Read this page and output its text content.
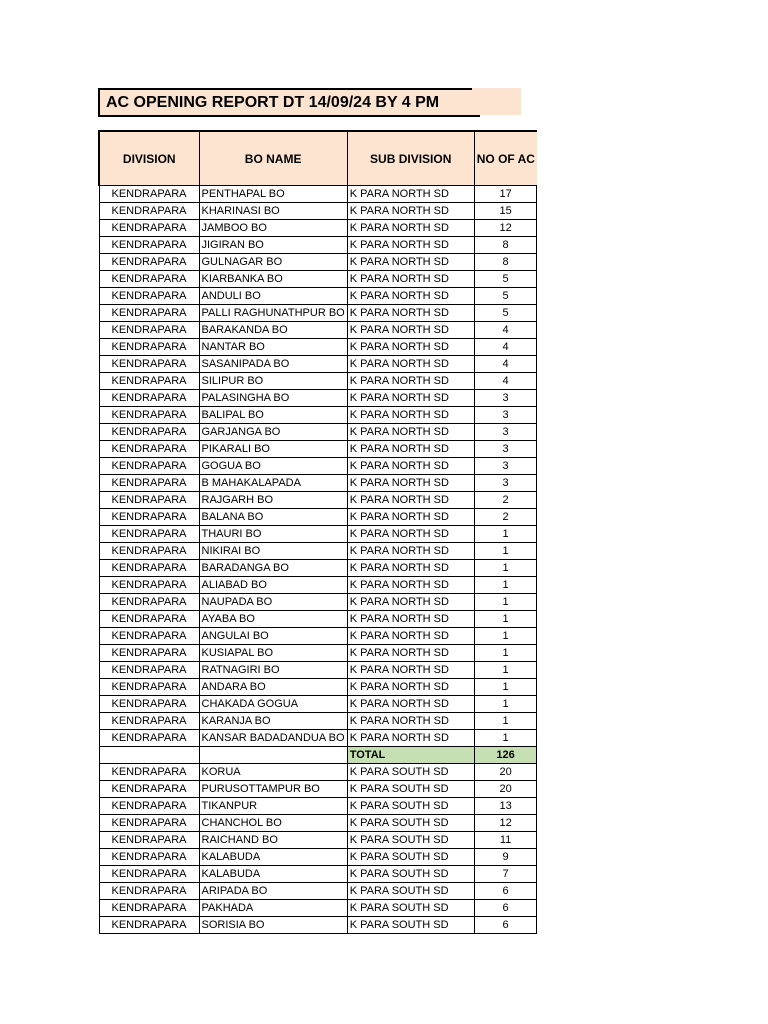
AC OPENING REPORT DT 14/09/24 BY 4 PM
DIVISION	BO NAME	SUB DIVISION	NO OF AC
KENDRAPARA	PENTHAPAL BO	K PARA NORTH SD	17
KENDRAPARA	KHARINASI BO	K PARA NORTH SD	15
KENDRAPARA	JAMBOO BO	K PARA NORTH SD	12
KENDRAPARA	JIGIRAN BO	K PARA NORTH SD	8
KENDRAPARA	GULNAGAR BO	K PARA NORTH SD	8
KENDRAPARA	KIARBANKA BO	K PARA NORTH SD	5
KENDRAPARA	ANDULI BO	K PARA NORTH SD	5
KENDRAPARA	PALLI RAGHUNATHPUR BO	K PARA NORTH SD	5
KENDRAPARA	BARAKANDA BO	K PARA NORTH SD	4
KENDRAPARA	NANTAR BO	K PARA NORTH SD	4
KENDRAPARA	SASANIPADA BO	K PARA NORTH SD	4
KENDRAPARA	SILIPUR BO	K PARA NORTH SD	4
KENDRAPARA	PALASINGHA BO	K PARA NORTH SD	3
KENDRAPARA	BALIPAL BO	K PARA NORTH SD	3
KENDRAPARA	GARJANGA BO	K PARA NORTH SD	3
KENDRAPARA	PIKARALI BO	K PARA NORTH SD	3
KENDRAPARA	GOGUA BO	K PARA NORTH SD	3
KENDRAPARA	B MAHAKALAPADA	K PARA NORTH SD	3
KENDRAPARA	RAJGARH BO	K PARA NORTH SD	2
KENDRAPARA	BALANA BO	K PARA NORTH SD	2
KENDRAPARA	THAURI BO	K PARA NORTH SD	1
KENDRAPARA	NIKIRAI BO	K PARA NORTH SD	1
KENDRAPARA	BARADANGA BO	K PARA NORTH SD	1
KENDRAPARA	ALIABAD BO	K PARA NORTH SD	1
KENDRAPARA	NAUPADA BO	K PARA NORTH SD	1
KENDRAPARA	AYABA BO	K PARA NORTH SD	1
KENDRAPARA	ANGULAI BO	K PARA NORTH SD	1
KENDRAPARA	KUSIAPAL BO	K PARA NORTH SD	1
KENDRAPARA	RATNAGIRI BO	K PARA NORTH SD	1
KENDRAPARA	ANDARA BO	K PARA NORTH SD	1
KENDRAPARA	CHAKADA GOGUA	K PARA NORTH SD	1
KENDRAPARA	KARANJA BO	K PARA NORTH SD	1
KENDRAPARA	KANSAR BADADANDUA BO	K PARA NORTH SD	1
		TOTAL	126
KENDRAPARA	KORUA	K PARA SOUTH SD	20
KENDRAPARA	PURUSOTTAMPUR BO	K PARA SOUTH SD	20
KENDRAPARA	TIKANPUR	K PARA SOUTH SD	13
KENDRAPARA	CHANCHOL BO	K PARA SOUTH SD	12
KENDRAPARA	RAICHAND BO	K PARA SOUTH SD	11
KENDRAPARA	KALABUDA	K PARA SOUTH SD	9
KENDRAPARA	KALABUDA	K PARA SOUTH SD	7
KENDRAPARA	ARIPADA BO	K PARA SOUTH SD	6
KENDRAPARA	PAKHADA	K PARA SOUTH SD	6
KENDRAPARA	SORISIA BO	K PARA SOUTH SD	6
